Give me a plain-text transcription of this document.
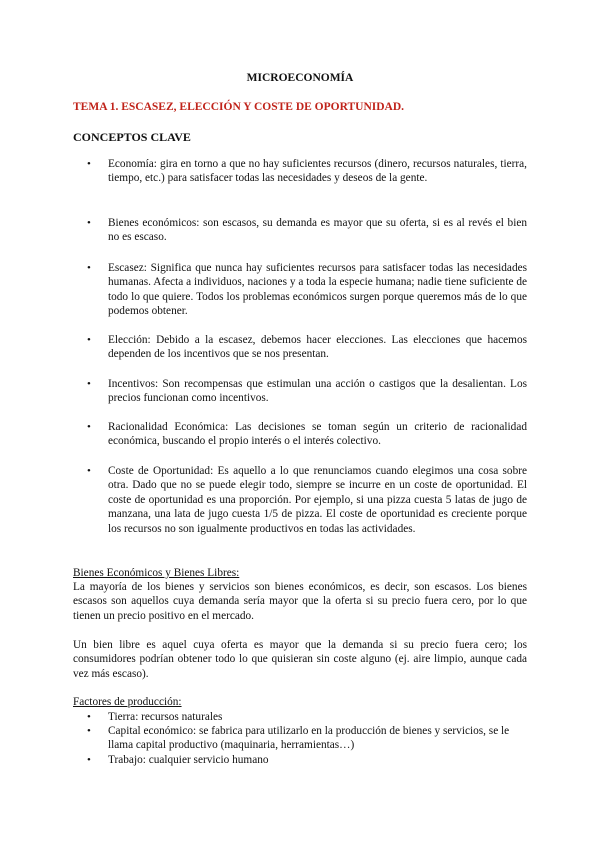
MICROECONOMÍA
TEMA 1. ESCASEZ, ELECCIÓN Y COSTE DE OPORTUNIDAD.
CONCEPTOS CLAVE
• Economía: gira en torno a que no hay suficientes recursos (dinero, recursos naturales, tierra, tiempo, etc.) para satisfacer todas las necesidades y deseos de la gente.
• Bienes económicos: son escasos, su demanda es mayor que su oferta, si es al revés el bien no es escaso.
• Escasez: Significa que nunca hay suficientes recursos para satisfacer todas las necesidades humanas. Afecta a individuos, naciones y a toda la especie humana; nadie tiene suficiente de todo lo que quiere. Todos los problemas económicos surgen porque queremos más de lo que podemos obtener.
• Elección: Debido a la escasez, debemos hacer elecciones. Las elecciones que hacemos dependen de los incentivos que se nos presentan.
• Incentivos: Son recompensas que estimulan una acción o castigos que la desalientan. Los precios funcionan como incentivos.
• Racionalidad Económica: Las decisiones se toman según un criterio de racionalidad económica, buscando el propio interés o el interés colectivo.
• Coste de Oportunidad: Es aquello a lo que renunciamos cuando elegimos una cosa sobre otra. Dado que no se puede elegir todo, siempre se incurre en un coste de oportunidad. El coste de oportunidad es una proporción. Por ejemplo, si una pizza cuesta 5 latas de jugo de manzana, una lata de jugo cuesta 1/5 de pizza. El coste de oportunidad es creciente porque los recursos no son igualmente productivos en todas las actividades.
Bienes Económicos y Bienes Libres:
La mayoría de los bienes y servicios son bienes económicos, es decir, son escasos. Los bienes escasos son aquellos cuya demanda sería mayor que la oferta si su precio fuera cero, por lo que tienen un precio positivo en el mercado.
Un bien libre es aquel cuya oferta es mayor que la demanda si su precio fuera cero; los consumidores podrían obtener todo lo que quisieran sin coste alguno (ej. aire limpio, aunque cada vez más escaso).
Factores de producción:
• Tierra: recursos naturales
• Capital económico: se fabrica para utilizarlo en la producción de bienes y servicios, se le llama capital productivo (maquinaria, herramientas…)
• Trabajo: cualquier servicio humano
